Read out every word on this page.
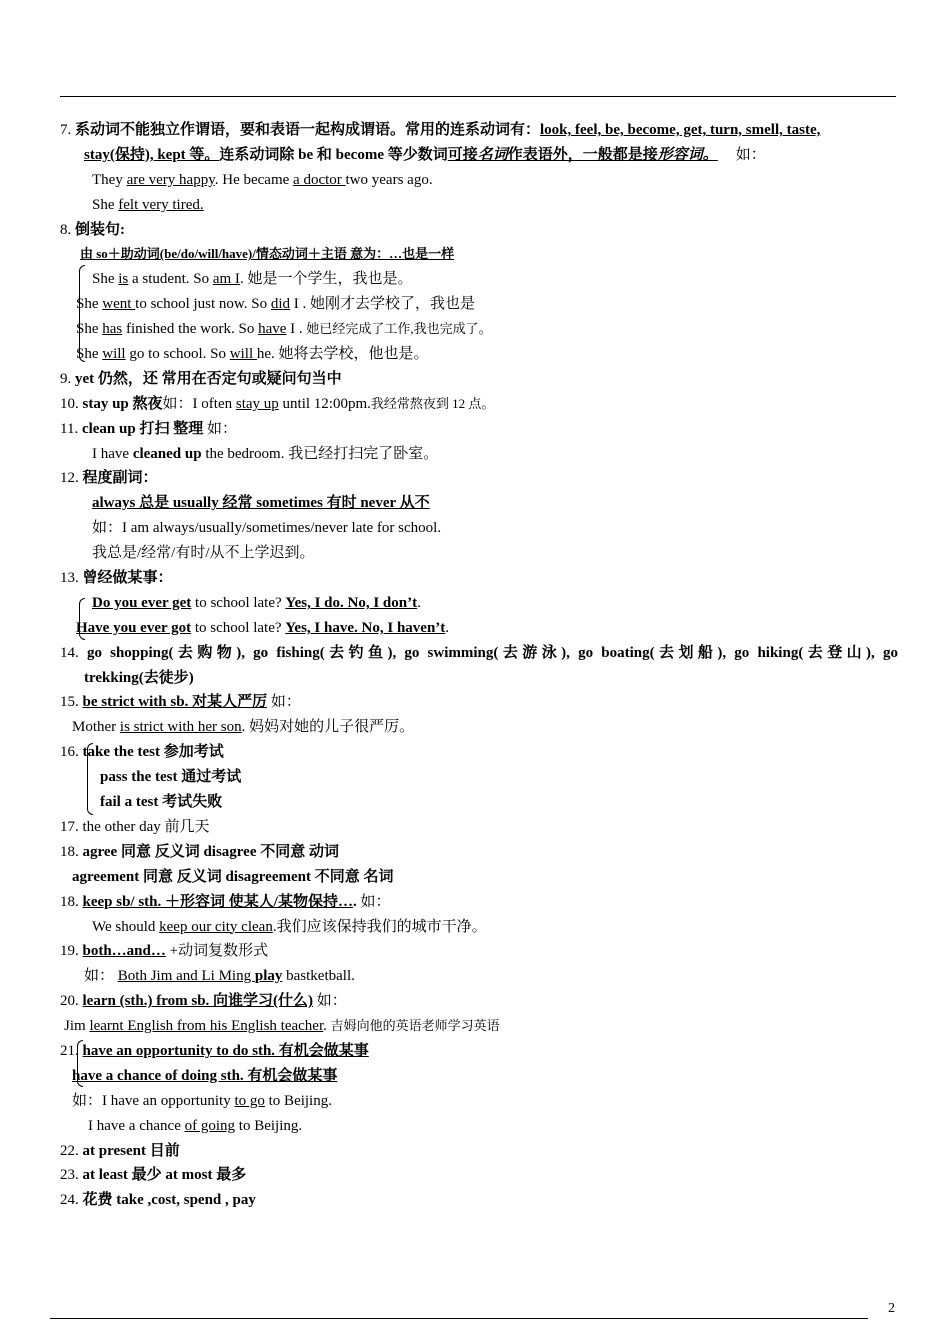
7. 系动词不能独立作谓语，要和表语一起构成谓语。常用的连系动词有：look, feel, be, become, get, turn, smell, taste,
stay(保持), kept 等。连系动词除 be 和 become 等少数词可接名词作表语外，一般都是接形容词。 如：
They are very happy. He became a doctor two years ago.
She felt very tired.
8. 倒装句:
由 so＋助动词(be/do/will/have)/情态动词＋主语 意为：…也是一样
She is a student. So am I. 她是一个学生，我也是。
She went to school just now. So did I . 她刚才去学校了，我也是
She has finished the work. So have I . 她已经完成了工作,我也完成了。
She will go to school. So will he. 她将去学校，他也是。
9. yet 仍然，还 常用在否定句或疑问句当中
10. stay up 熬夜如：I often stay up until 12:00pm.我经常熬夜到 12 点。
11. clean up 打扫 整理 如：
I have cleaned up the bedroom. 我已经打扫完了卧室。
12. 程度副词：
always 总是 usually 经常 sometimes 有时 never 从不
如：I am always/usually/sometimes/never late for school.
我总是/经常/有时/从不上学迟到。
13. 曾经做某事：
Do you ever get to school late? Yes, I do. No, I don’t.
Have you ever got to school late? Yes, I have. No, I haven’t.
14. go shopping(去购物), go fishing(去钓鱼), go swimming(去游泳), go boating(去划船), go hiking(去登山), go
trekking(去徒步)
15. be strict with sb. 对某人严厉 如：
Mother is strict with her son. 妈妈对她的儿子很严厉。
16. take the test 参加考试
pass the test 通过考试
fail a test 考试失败
17. the other day 前几天
18. agree 同意 反义词 disagree 不同意 动词
agreement 同意 反义词 disagreement 不同意 名词
18. keep sb/ sth. ＋形容词 使某人/某物保持…. 如：
We should keep our city clean.我们应该保持我们的城市干净。
19. both…and… +动词复数形式
如： Both Jim and Li Ming play bastketball.
20. learn (sth.) from sb. 向谁学习(什么) 如：
Jim learnt English from his English teacher. 吉姆向他的英语老师学习英语
21. have an opportunity to do sth. 有机会做某事
have a chance of doing sth. 有机会做某事
如：I have an opportunity to go to Beijing.
I have a chance of going to Beijing.
22. at present 目前
23. at least 最少 at most 最多
24. 花费 take ,cost, spend , pay
2
